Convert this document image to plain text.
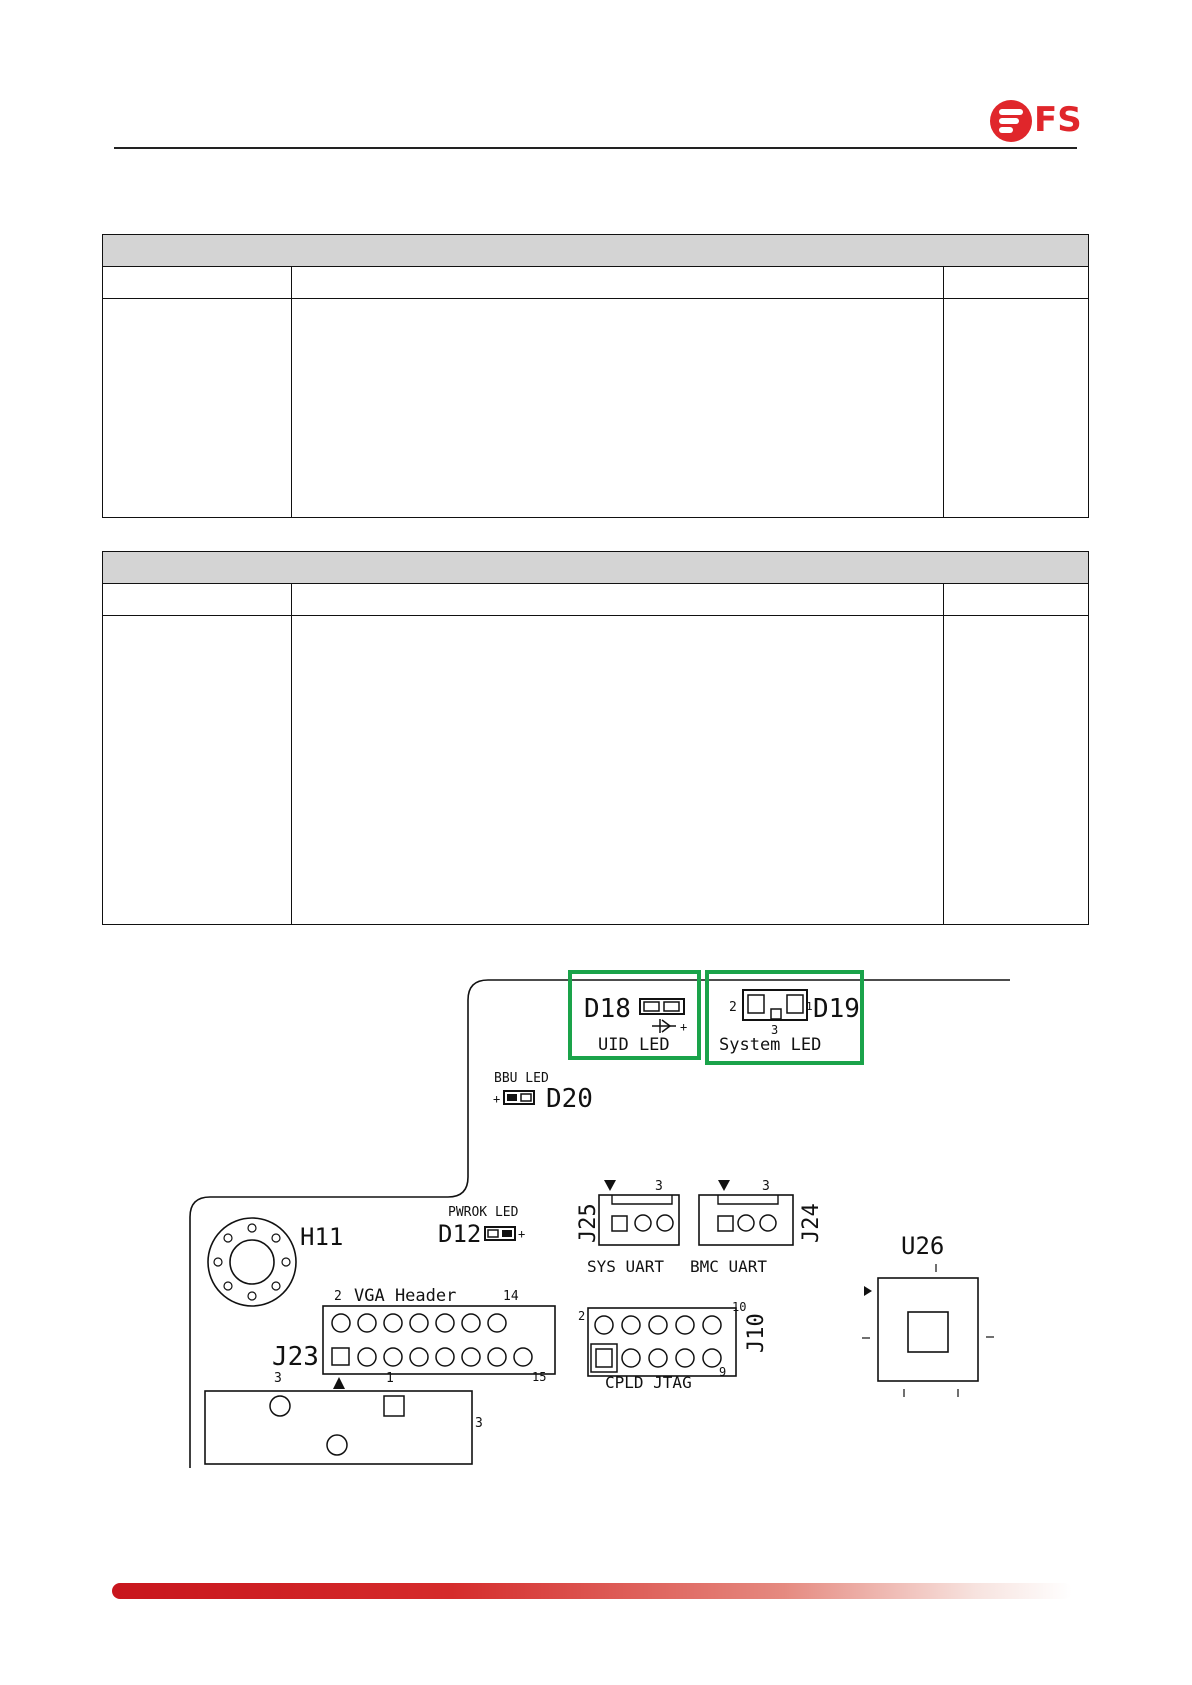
FS

D18
+
UID LED
2	1
3
D19
System LED
BBU LED
+ D20
PWROK LED
D12	+
H11
3
J25
3
J24
SYS UART BMC UART
U26
2 VGA Header	14
J23
15
2
10
J10
9
CPLD JTAG
3	1
3
